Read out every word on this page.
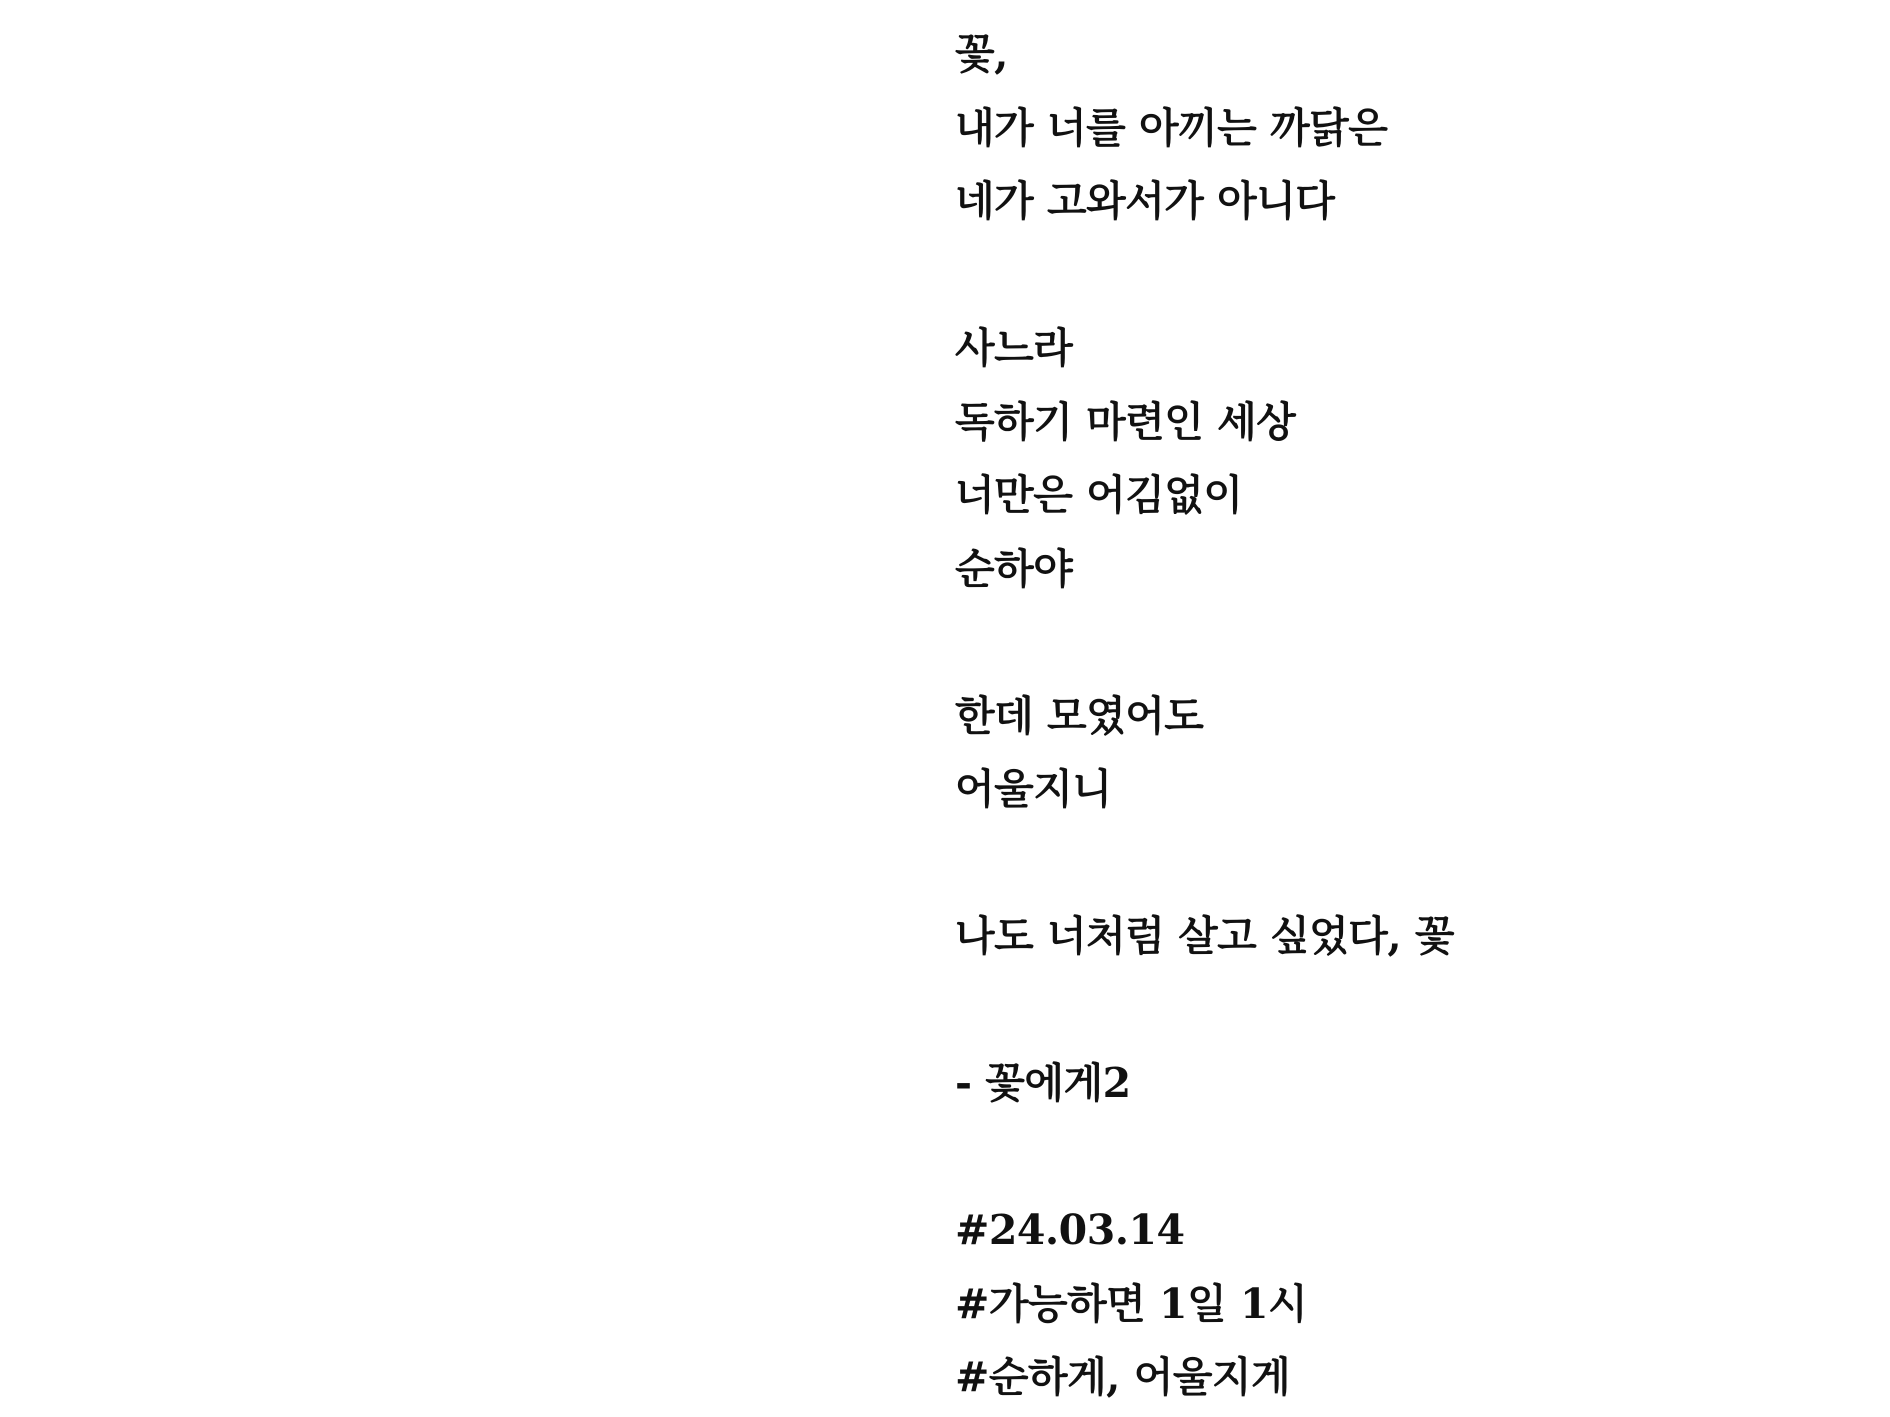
꽃,
내가 너를 아끼는 까닭은
네가 고와서가 아니다
사느라
독하기 마련인 세상
너만은 어김없이
순하야
한데 모였어도
어울지니
나도 너처럼 살고 싶었다, 꽃
- 꽃에게2
#24.03.14
#가능하면 1일 1시
#순하게, 어울지게
